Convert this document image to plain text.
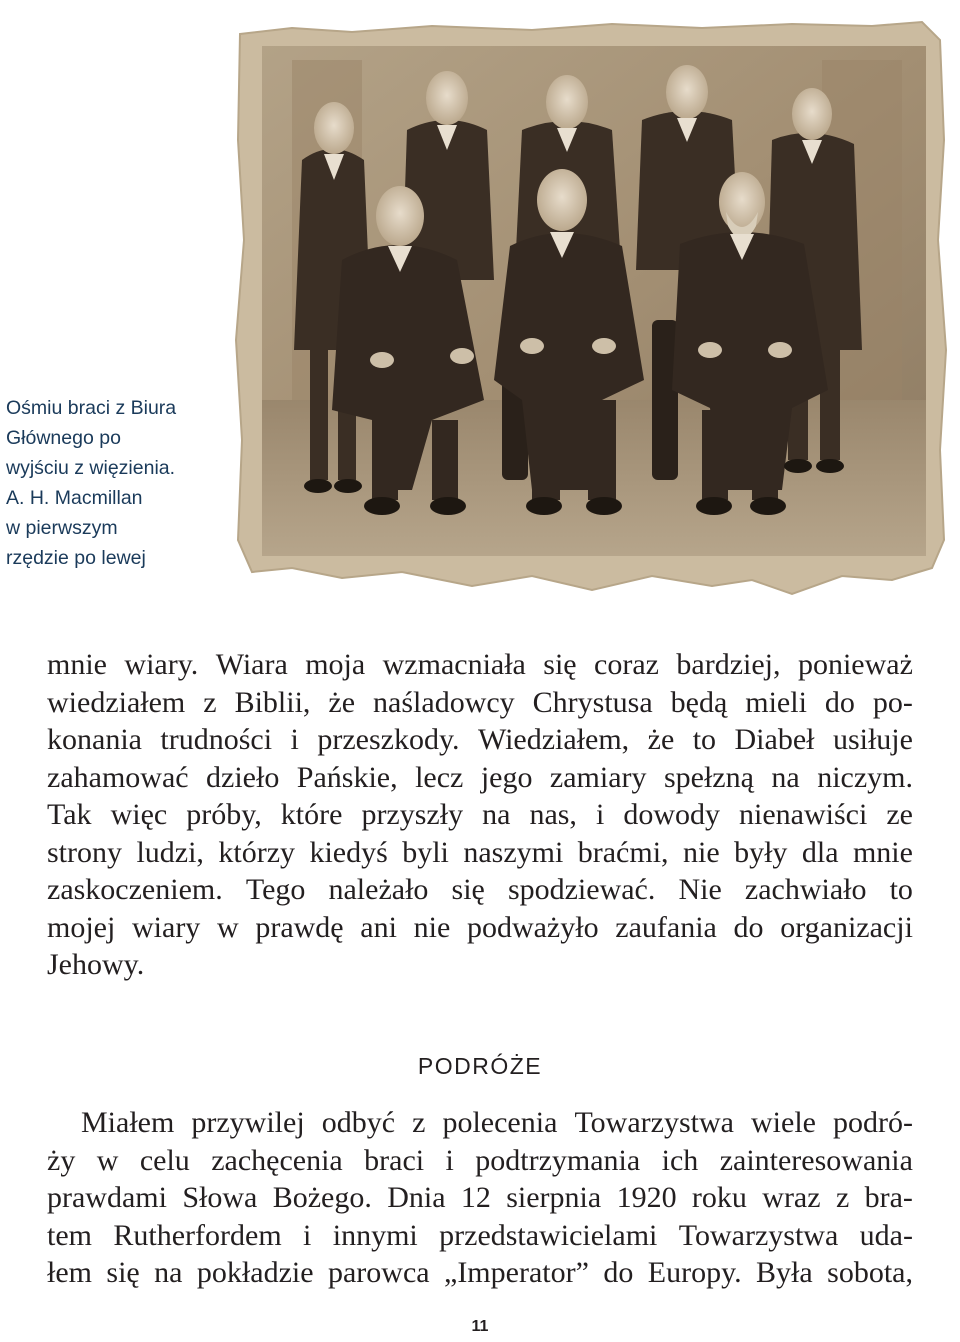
Ośmiu braci z Biura
Głównego po
wyjściu z więzienia.
A. H. Macmillan
w pierwszym
rzędzie po lewej
mnie wiary. Wiara moja wzmacniała się coraz bardziej, ponieważ
wiedziałem z Biblii, że naśladowcy Chrystusa będą mieli do po-
konania trudności i przeszkody. Wiedziałem, że to Diabeł usiłuje
zahamować dzieło Pańskie, lecz jego zamiary spełzną na niczym.
Tak więc próby, które przyszły na nas, i dowody nienawiści ze
strony ludzi, którzy kiedyś byli naszymi braćmi, nie były dla mnie
zaskoczeniem. Tego należało się spodziewać. Nie zachwiało to
mojej wiary w prawdę ani nie podważyło zaufania do organizacji
Jehowy.
PODRÓŻE
Miałem przywilej odbyć z polecenia Towarzystwa wiele podró-
ży w celu zachęcenia braci i podtrzymania ich zainteresowania
prawdami Słowa Bożego. Dnia 12 sierpnia 1920 roku wraz z bra-
tem Rutherfordem i innymi przedstawicielami Towarzystwa uda-
łem się na pokładzie parowca „Imperator” do Europy. Była sobota,
11
